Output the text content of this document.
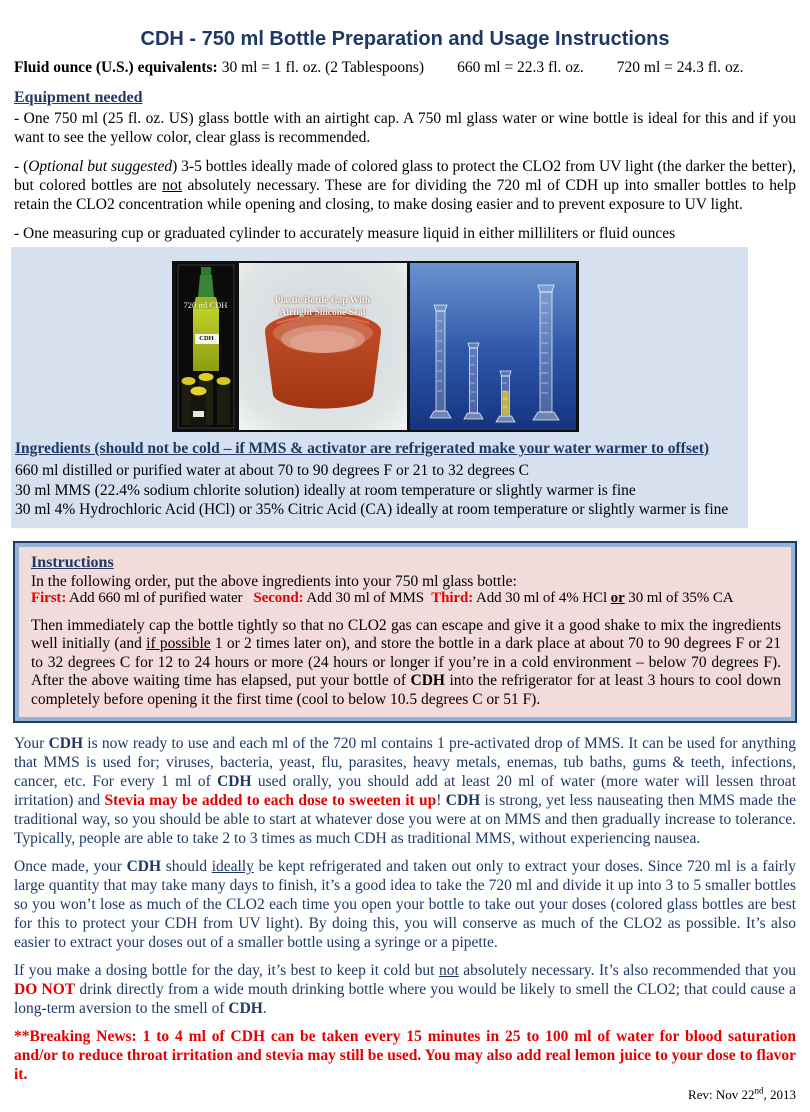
CDH - 750 ml Bottle Preparation and Usage Instructions

Fluid ounce (U.S.) equivalents: 30 ml = 1 fl. oz. (2 Tablespoons) 660 ml = 22.3 fl. oz. 720 ml = 24.3 fl. oz.

Equipment needed

- One 750 ml (25 fl. oz. US) glass bottle with an airtight cap. A 750 ml glass water or wine bottle is ideal for this and if you want to see the yellow color, clear glass is recommended.

- (Optional but suggested) 3-5 bottles ideally made of colored glass to protect the CLO2 from UV light (the darker the better), but colored bottles are not absolutely necessary. These are for dividing the 720 ml of CDH up into smaller bottles to help retain the CLO2 concentration while opening and closing, to make dosing easier and to prevent exposure to UV light.

- One measuring cup or graduated cylinder to accurately measure liquid in either milliliters or fluid ounces

720 ml CDH
CDH
Plastic Bottle Cap With
Airtight Silicone Seal
Ingredients (should not be cold – if MMS & activator are refrigerated make your water warmer to offset)

660 ml distilled or purified water at about 70 to 90 degrees F or 21 to 32 degrees C

30 ml MMS (22.4% sodium chlorite solution) ideally at room temperature or slightly warmer is fine

30 ml 4% Hydrochloric Acid (HCl) or 35% Citric Acid (CA) ideally at room temperature or slightly warmer is fine

Instructions

In the following order, put the above ingredients into your 750 ml glass bottle:

First: Add 660 ml of purified water   Second: Add 30 ml of MMS  Third: Add 30 ml of 4% HCl or 30 ml of 35% CA

Then immediately cap the bottle tightly so that no CLO2 gas can escape and give it a good shake to mix the ingredients well initially (and if possible 1 or 2 times later on), and store the bottle in a dark place at about 70 to 90 degrees F or 21 to 32 degrees C for 12 to 24 hours or more (24 hours or longer if you’re in a cold environment – below 70 degrees F). After the above waiting time has elapsed, put your bottle of CDH into the refrigerator for at least 3 hours to cool down completely before opening it the first time (cool to below 10.5 degrees C or 51 F).

Your CDH is now ready to use and each ml of the 720 ml contains 1 pre-activated drop of MMS. It can be used for anything that MMS is used for; viruses, bacteria, yeast, flu, parasites, heavy metals, enemas, tub baths, gums & teeth, infections, cancer, etc. For every 1 ml of CDH used orally, you should add at least 20 ml of water (more water will lessen throat irritation) and Stevia may be added to each dose to sweeten it up! CDH is strong, yet less nauseating then MMS made the traditional way, so you should be able to start at whatever dose you were at on MMS and then gradually increase to tolerance. Typically, people are able to take 2 to 3 times as much CDH as traditional MMS, without experiencing nausea.

Once made, your CDH should ideally be kept refrigerated and taken out only to extract your doses. Since 720 ml is a fairly large quantity that may take many days to finish, it’s a good idea to take the 720 ml and divide it up into 3 to 5 smaller bottles so you won’t lose as much of the CLO2 each time you open your bottle to take out your doses (colored glass bottles are best for this to protect your CDH from UV light). By doing this, you will conserve as much of the CLO2 as possible. It’s also easier to extract your doses out of a smaller bottle using a syringe or a pipette.

If you make a dosing bottle for the day, it’s best to keep it cold but not absolutely necessary. It’s also recommended that you DO NOT drink directly from a wide mouth drinking bottle where you would be likely to smell the CLO2; that could cause a long-term aversion to the smell of CDH.

**Breaking News: 1 to 4 ml of CDH can be taken every 15 minutes in 25 to 100 ml of water for blood saturation and/or to reduce throat irritation and stevia may still be used. You may also add real lemon juice to your dose to flavor it.

Rev: Nov 22nd, 2013
